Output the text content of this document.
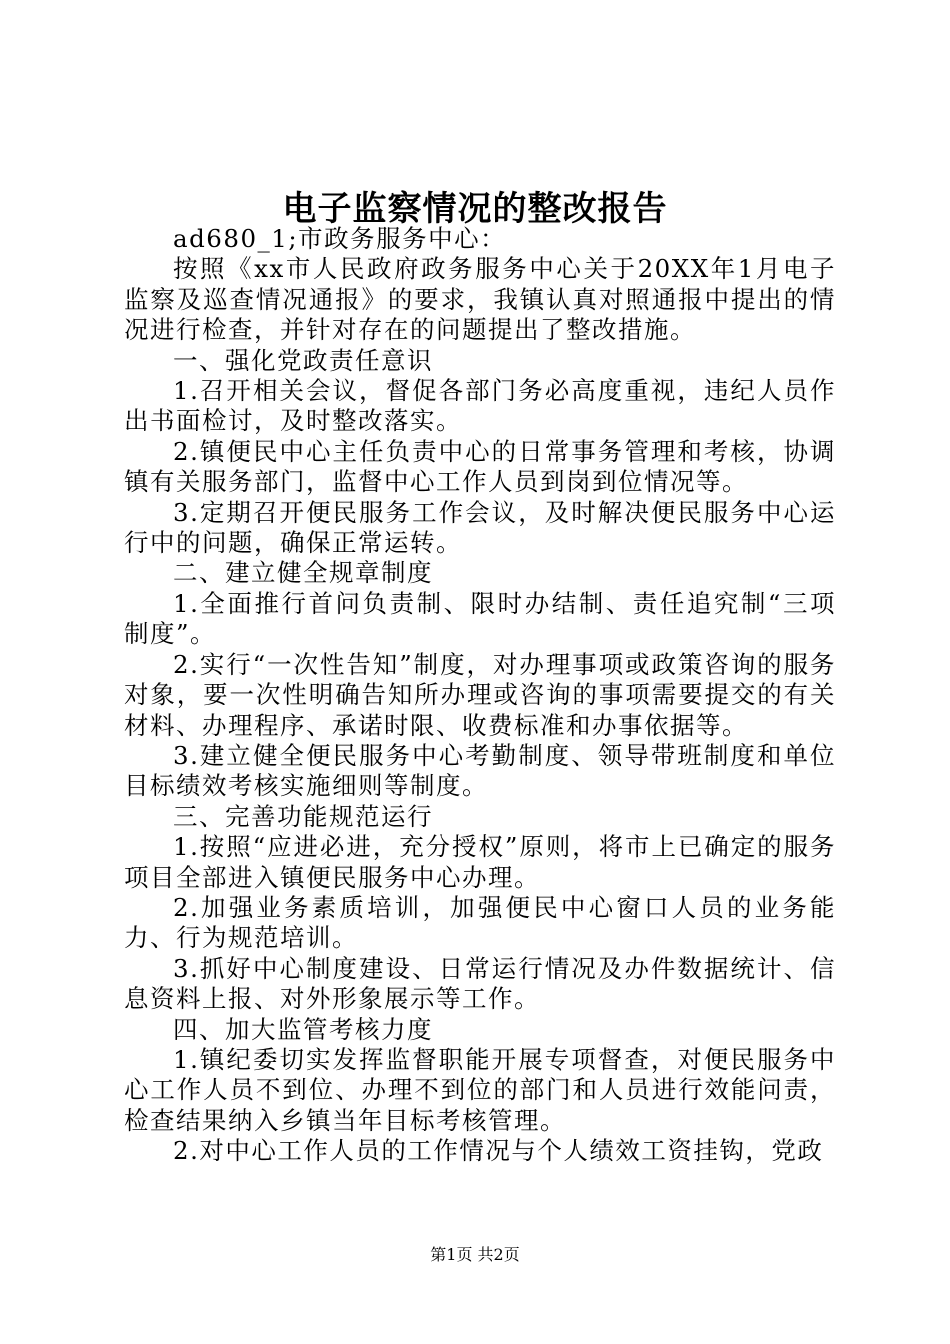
电子监察情况的整改报告

ad680_1;市政务服务中心：

按照《xx市人民政府政务服务中心关于20XX年1月电子监察及巡查情况通报》的要求，我镇认真对照通报中提出的情况进行检查，并针对存在的问题提出了整改措施。

一、强化党政责任意识

1.召开相关会议，督促各部门务必高度重视，违纪人员作出书面检讨，及时整改落实。

2.镇便民中心主任负责中心的日常事务管理和考核，协调镇有关服务部门，监督中心工作人员到岗到位情况等。

3.定期召开便民服务工作会议，及时解决便民服务中心运行中的问题，确保正常运转。

二、建立健全规章制度

1.全面推行首问负责制、限时办结制、责任追究制“三项制度”。

2.实行“一次性告知”制度，对办理事项或政策咨询的服务对象，要一次性明确告知所办理或咨询的事项需要提交的有关材料、办理程序、承诺时限、收费标准和办事依据等。

3.建立健全便民服务中心考勤制度、领导带班制度和单位目标绩效考核实施细则等制度。

三、完善功能规范运行

1.按照“应进必进，充分授权”原则，将市上已确定的服务项目全部进入镇便民服务中心办理。

2.加强业务素质培训，加强便民中心窗口人员的业务能力、行为规范培训。

3.抓好中心制度建设、日常运行情况及办件数据统计、信息资料上报、对外形象展示等工作。

四、加大监管考核力度

1.镇纪委切实发挥监督职能开展专项督查，对便民服务中心工作人员不到位、办理不到位的部门和人员进行效能问责，检查结果纳入乡镇当年目标考核管理。

2.对中心工作人员的工作情况与个人绩效工资挂钩，党政

第1页 共2页
